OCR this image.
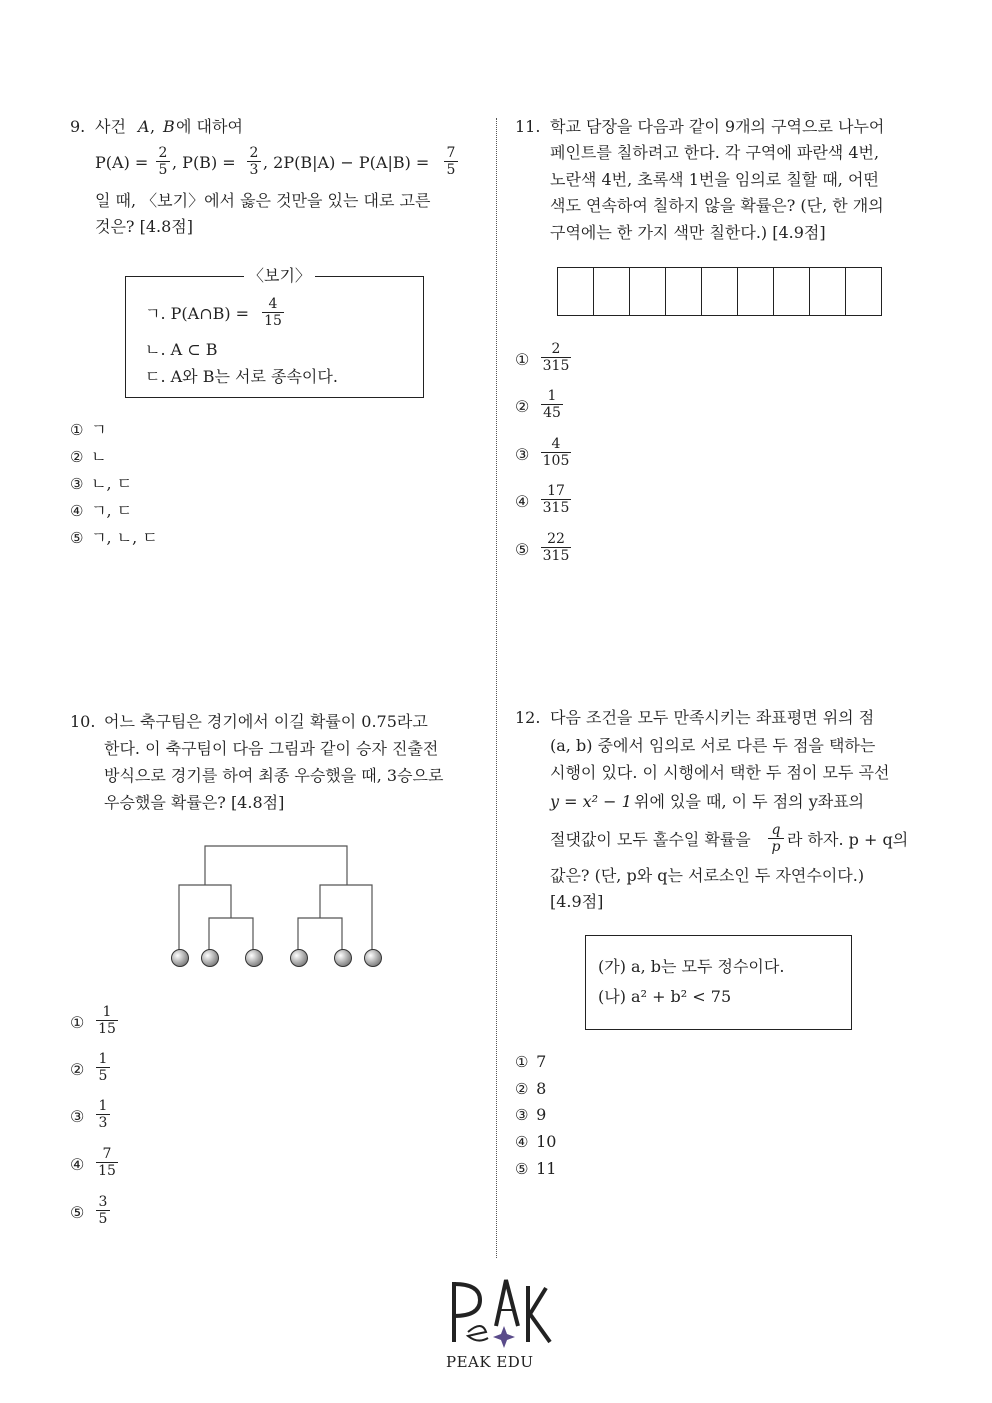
9. 사건 A , B 에 대하여
$P(A) = \frac{2}{5}$ , $P(B) = \frac{2}{3}$ , $2P(B|A) - P(A|B) = \frac{7}{5}$
일 때, 〈보기〉에서 옳은 것만을 있는 대로 고른
것은? [4.8점]
〈보기〉
ㄱ. P(A∩B) = $\frac{4}{15}$
ㄴ. A ⊂ B
ㄷ. A와 B는 서로 종속이다.
① ㄱ
② ㄴ
③ ㄴ, ㄷ
④ ㄱ, ㄷ
⑤ ㄱ, ㄴ, ㄷ
10. 어느 축구팀은 경기에서 이길 확률이 0.75라고
한다. 이 축구팀이 다음 그림과 같이 승자 진출전
방식으로 경기를 하여 최종 우승했을 때, 3승으로
우승했을 확률은? [4.8점]
① $\frac{1}{15}$
② $\frac{1}{5}$
③ $\frac{1}{3}$
④ $\frac{7}{15}$
⑤ $\frac{3}{5}$
11. 학교 담장을 다음과 같이 9개의 구역으로 나누어
페인트를 칠하려고 한다. 각 구역에 파란색 4번,
노란색 4번, 초록색 1번을 임의로 칠할 때, 어떤
색도 연속하여 칠하지 않을 확률은? (단, 한 개의
구역에는 한 가지 색만 칠한다.) [4.9점]
① $\frac{2}{315}$
② $\frac{1}{45}$
③ $\frac{4}{105}$
④ $\frac{17}{315}$
⑤ $\frac{22}{315}$
12. 다음 조건을 모두 만족시키는 좌표평면 위의 점
(a, b) 중에서 임의로 서로 다른 두 점을 택하는
시행이 있다. 이 시행에서 택한 두 점이 모두 곡선
y = x² − 1 위에 있을 때, 이 두 점의 y좌표의
절댓값이 모두 홀수일 확률을 $\frac{q}{p}$ 라 하자. p + q의
값은? (단, p와 q는 서로소인 두 자연수이다.)
[4.9점]
(가) a, b는 모두 정수이다.
(나) a² + b² < 75
① 7
② 8
③ 9
④ 10
⑤ 11
PEAK EDU
